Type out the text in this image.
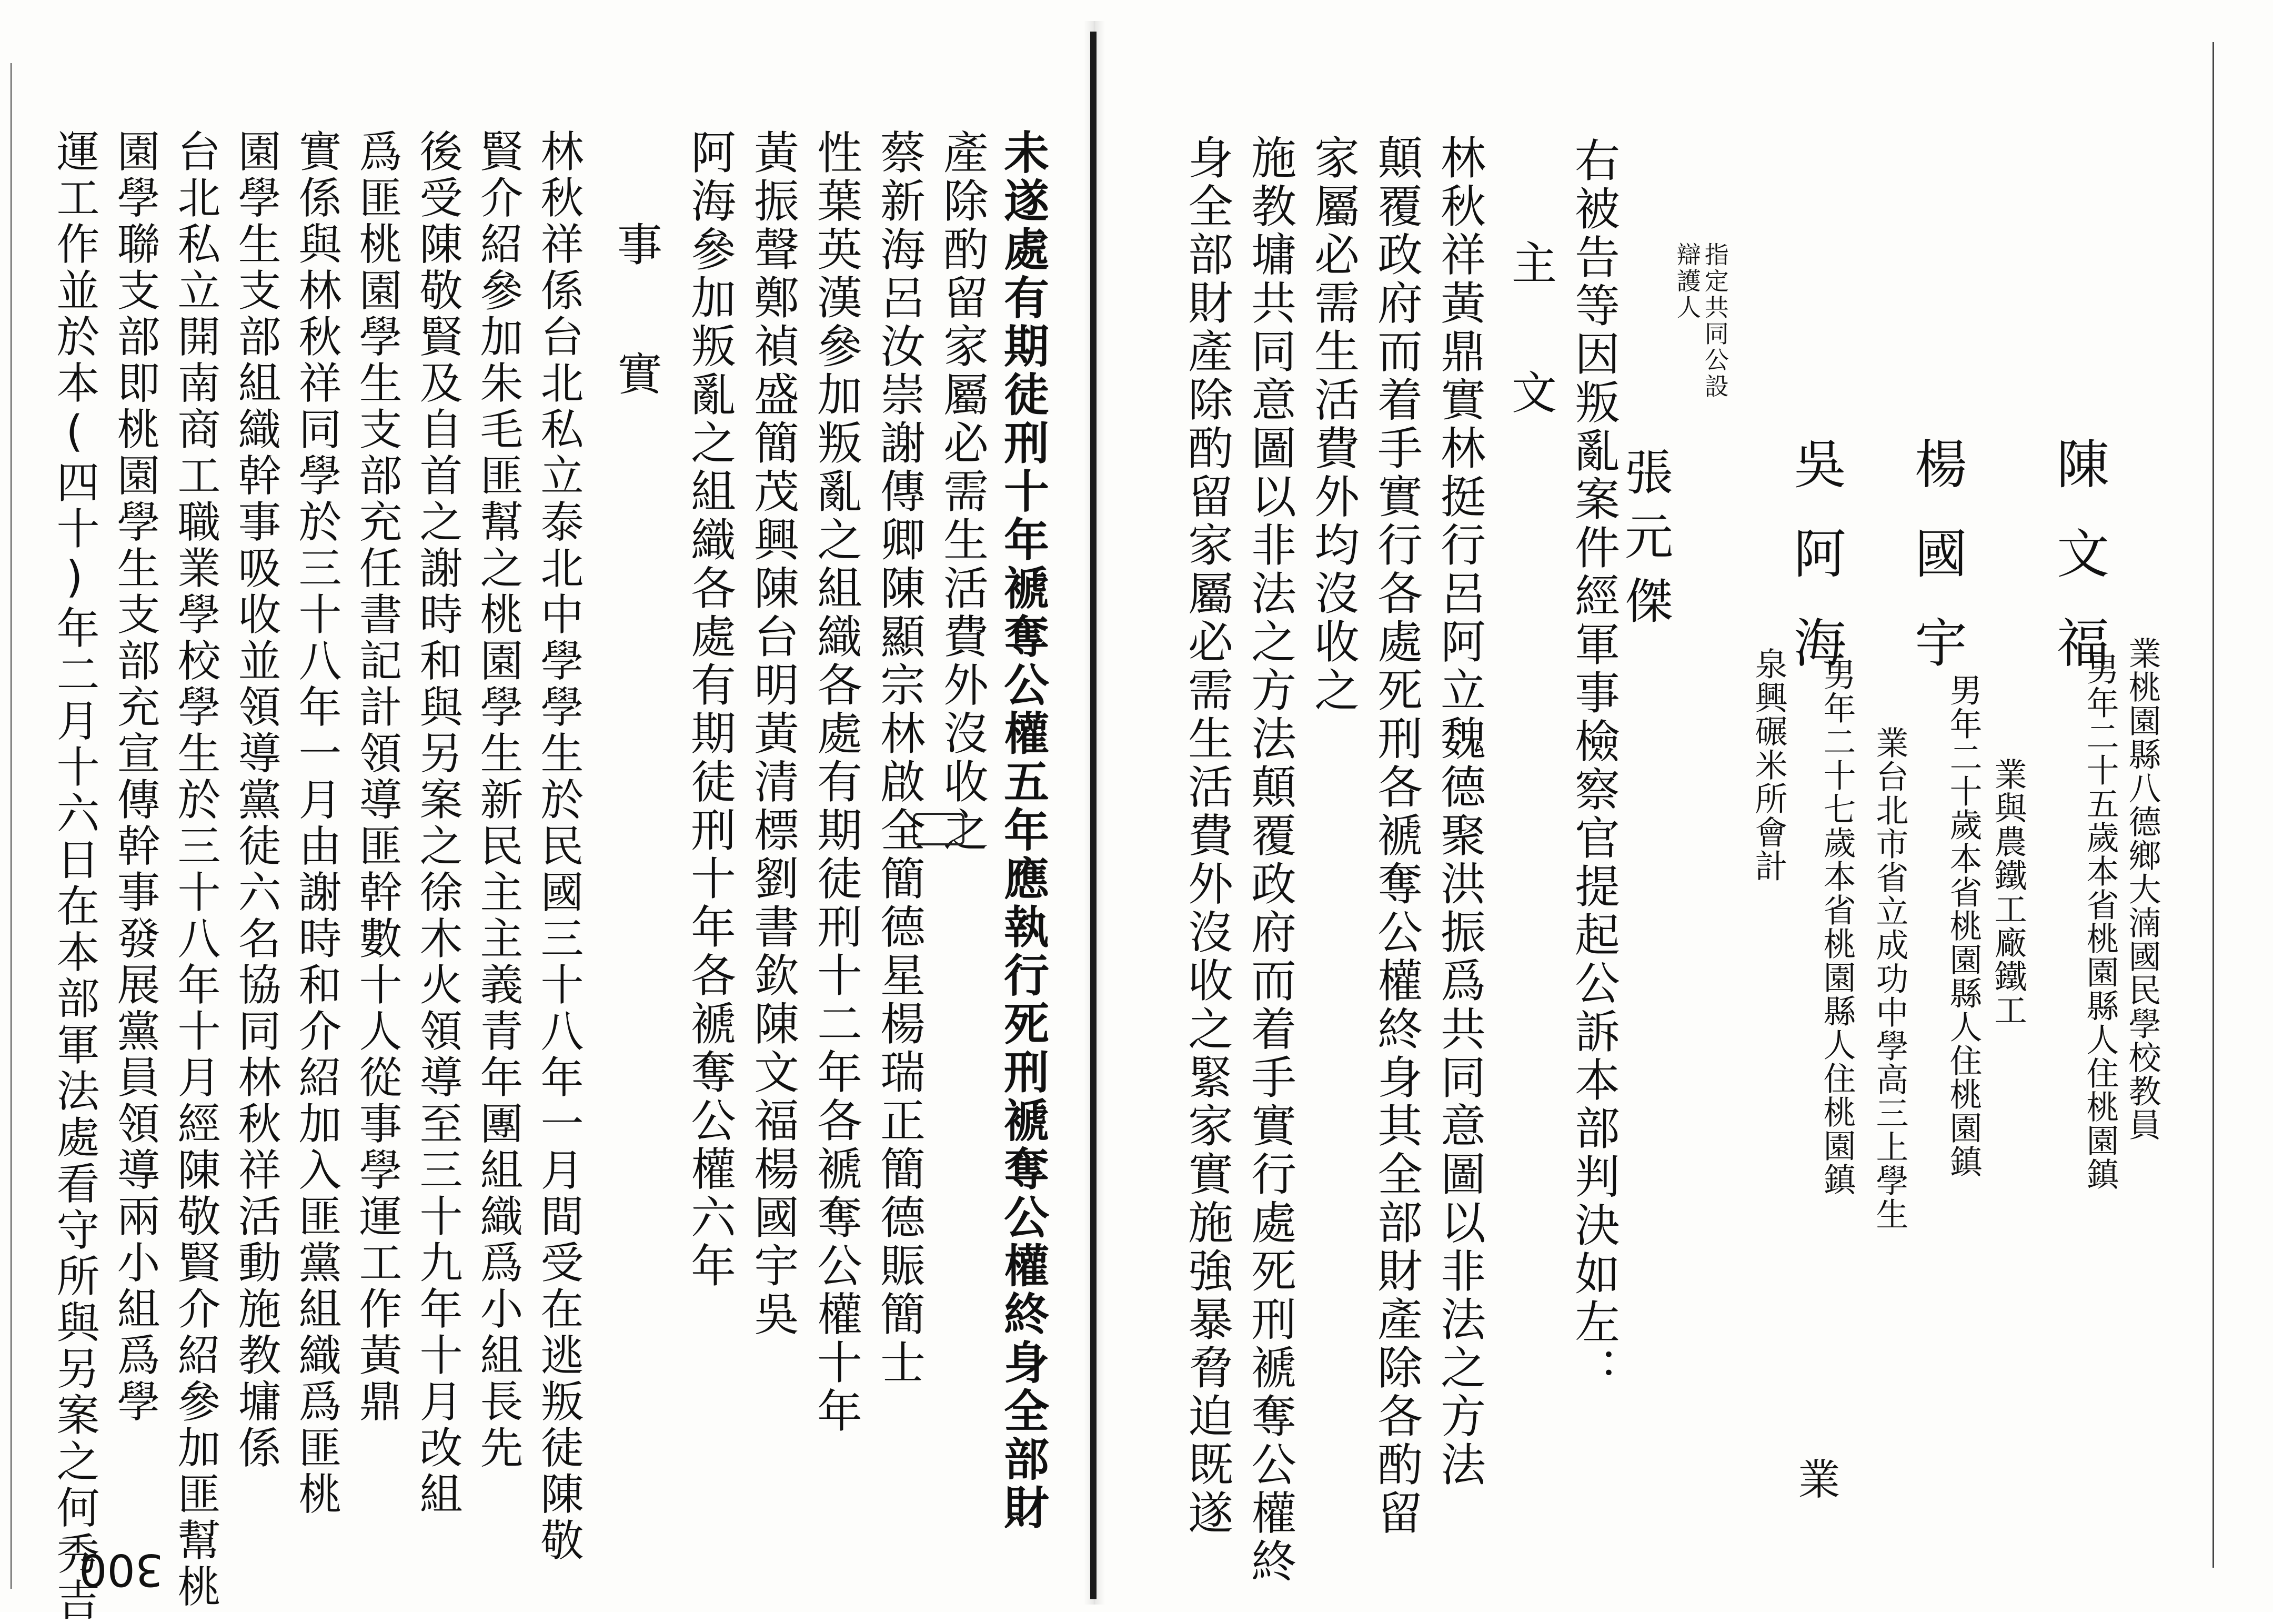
業桃園縣八德鄉大湳國民學校教員
男年二十五歲本省桃園縣人住桃園鎮
陳文福
業與農鐵工廠鐵工
男年二十歲本省桃園縣人住桃園鎮
楊國宇
業台北市省立成功中學高三上學生
男年二十七歲本省桃園縣人住桃園鎮
吳阿海
泉興碾米所會計
業
指定共同公設辯護人
張元傑
右被告等因叛亂案件經軍事檢察官提起公訴本部判決如左：
主文
林秋祥黃鼎實林挺行呂阿立魏德聚洪振爲共同意圖以非法之方法
顛覆政府而着手實行各處死刑各褫奪公權終身其全部財產除各酌留
家屬必需生活費外均沒收之
施教墉共同意圖以非法之方法顛覆政府而着手實行處死刑褫奪公權終
身全部財產除酌留家屬必需生活費外沒收之緊家實施強暴脅迫既遂
未遂處有期徒刑十年褫奪公權五年應執行死刑褫奪公權終身全部財
產除酌留家屬必需生活費外沒收之
蔡新海呂汝崇謝傳卿陳顯宗林啟全簡德星楊瑞正簡德賑簡士
性葉英漢參加叛亂之組織各處有期徒刑十二年各褫奪公權十年
黃振聲鄭禎盛簡茂興陳台明黃清標劉書欽陳文福楊國宇吳
阿海參加叛亂之組織各處有期徒刑十年各褫奪公權六年
事實
林秋祥係台北私立泰北中學學生於民國三十八年一月間受在逃叛徒陳敬
賢介紹參加朱毛匪幫之桃園學生新民主主義青年團組織爲小組長先
後受陳敬賢及自首之謝時和與另案之徐木火領導至三十九年十月改組
爲匪桃園學生支部充任書記計領導匪幹數十人從事學運工作黃鼎
實係與林秋祥同學於三十八年一月由謝時和介紹加入匪黨組織爲匪桃
園學生支部組織幹事吸收並領導黨徒六名協同林秋祥活動施教墉係
台北私立開南商工職業學校學生於三十八年十月經陳敬賢介紹參加匪幫桃
園學聯支部即桃園學生支部充宣傳幹事發展黨員領導兩小組爲學
運工作並於本(四十)年二月十六日在本部軍法處看守所與另案之何秀吉
300
